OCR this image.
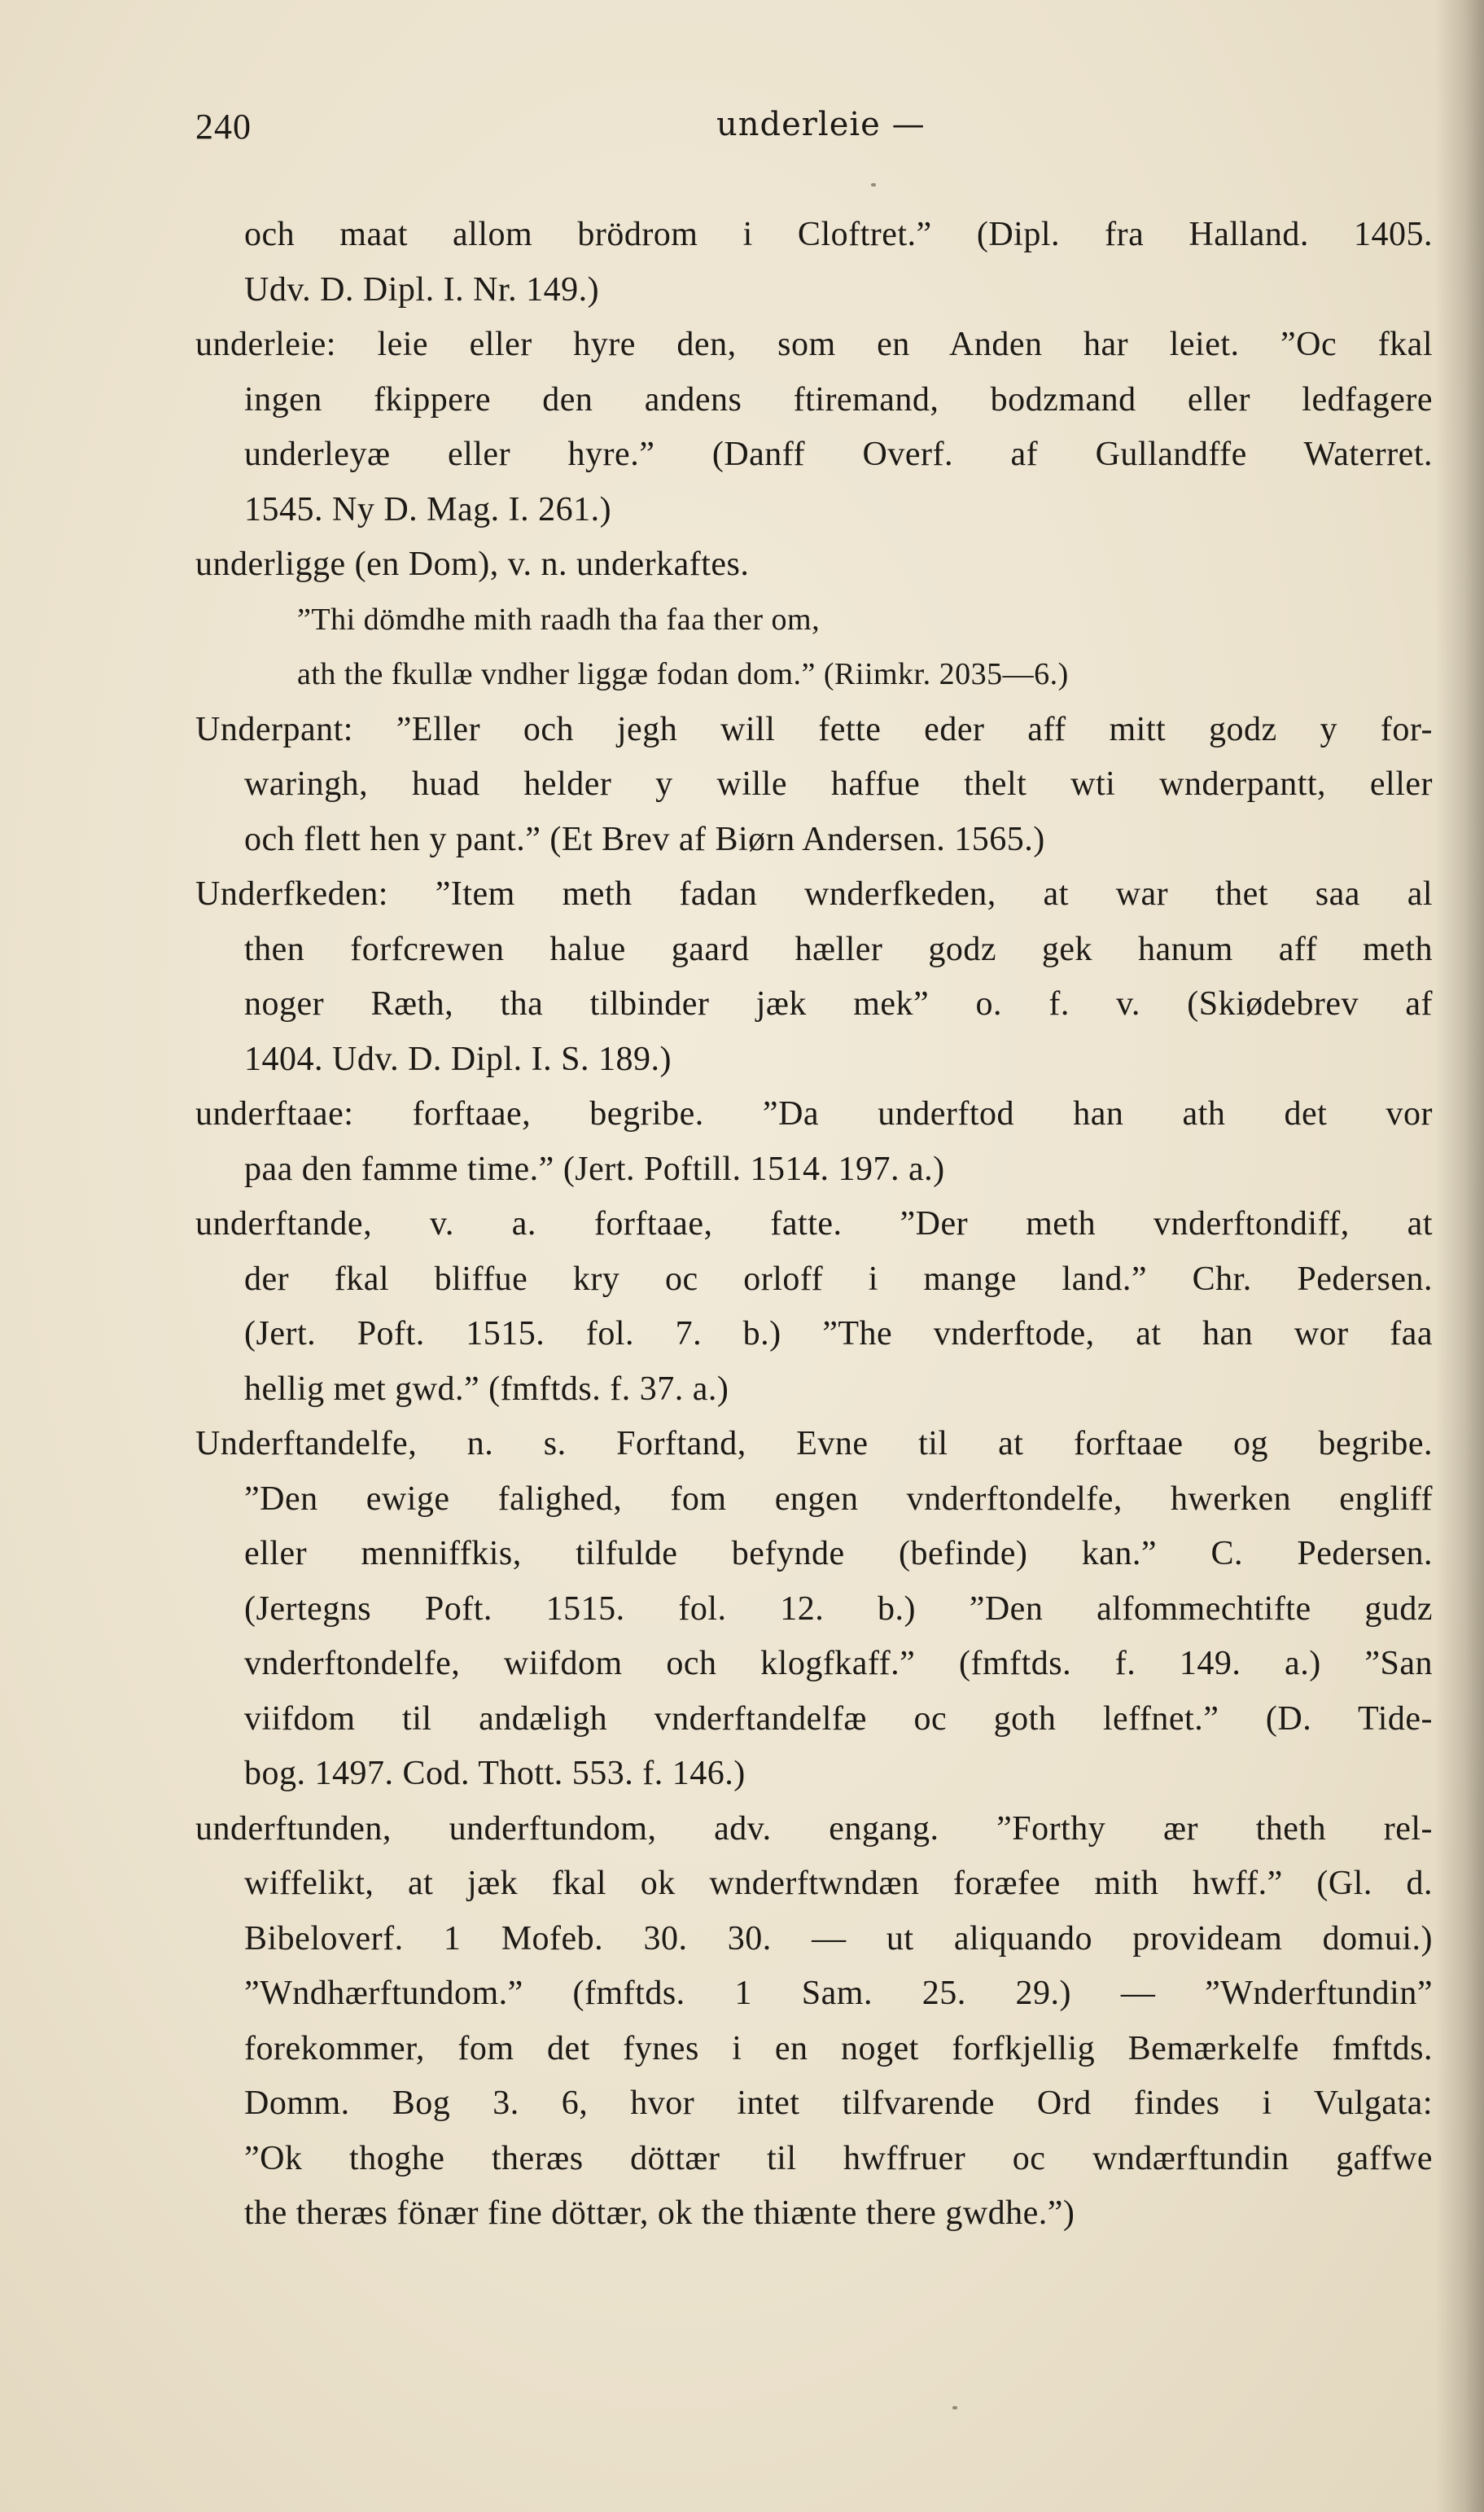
240	underleie —
och maat allom brödrom i Cloftret.” (Dipl. fra Halland. 1405.
Udv. D. Dipl. I. Nr. 149.)
underleie: leie eller hyre den, som en Anden har leiet. ”Oc fkal
ingen fkippere den andens ftiremand, bodzmand eller ledfagere
underleyæ eller hyre.” (Danff Overf. af Gullandffe Waterret.
1545. Ny D. Mag. I. 261.)
underligge (en Dom), v. n. underkaftes.
”Thi dömdhe mith raadh tha faa ther om,
ath the fkullæ vndher liggæ fodan dom.” (Riimkr. 2035—6.)
Underpant: ”Eller och jegh will fette eder aff mitt godz y for-
waringh, huad helder y wille haffue thelt wti wnderpantt, eller
och flett hen y pant.” (Et Brev af Biørn Andersen. 1565.)
Underfkeden: ”Item meth fadan wnderfkeden, at war thet saa al
then forfcrewen halue gaard hæller godz gek hanum aff meth
noger Ræth, tha tilbinder jæk mek” o. f. v. (Skiødebrev af
1404. Udv. D. Dipl. I. S. 189.)
underftaae: forftaae, begribe. ”Da underftod han ath det vor
paa den famme time.” (Jert. Poftill. 1514. 197. a.)
underftande, v. a. forftaae, fatte. ”Der meth vnderftondiff, at
der fkal bliffue kry oc orloff i mange land.” Chr. Pedersen.
(Jert. Poft. 1515. fol. 7. b.) ”The vnderftode, at han wor faa
hellig met gwd.” (fmftds. f. 37. a.)
Underftandelfe, n. s. Forftand, Evne til at forftaae og begribe.
”Den ewige falighed, fom engen vnderftondelfe, hwerken engliff
eller menniffkis, tilfulde befynde (befinde) kan.” C. Pedersen.
(Jertegns Poft. 1515. fol. 12. b.) ”Den alfommechtifte gudz
vnderftondelfe, wiifdom och klogfkaff.” (fmftds. f. 149. a.) ”San
viifdom til andæligh vnderftandelfæ oc goth leffnet.” (D. Tide-
bog. 1497. Cod. Thott. 553. f. 146.)
underftunden, underftundom, adv. engang. ”Forthy ær theth rel-
wiffelikt, at jæk fkal ok wnderftwndæn foræfee mith hwff.” (Gl. d.
Bibeloverf. 1 Mofeb. 30. 30. — ut aliquando provideam domui.)
”Wndhærftundom.” (fmftds. 1 Sam. 25. 29.) — ”Wnderftundin”
forekommer, fom det fynes i en noget forfkjellig Bemærkelfe fmftds.
Domm. Bog 3. 6, hvor intet tilfvarende Ord findes i Vulgata:
”Ok thoghe theræs döttær til hwffruer oc wndærftundin gaffwe
the theræs fönær fine döttær, ok the thiænte there gwdhe.”)
